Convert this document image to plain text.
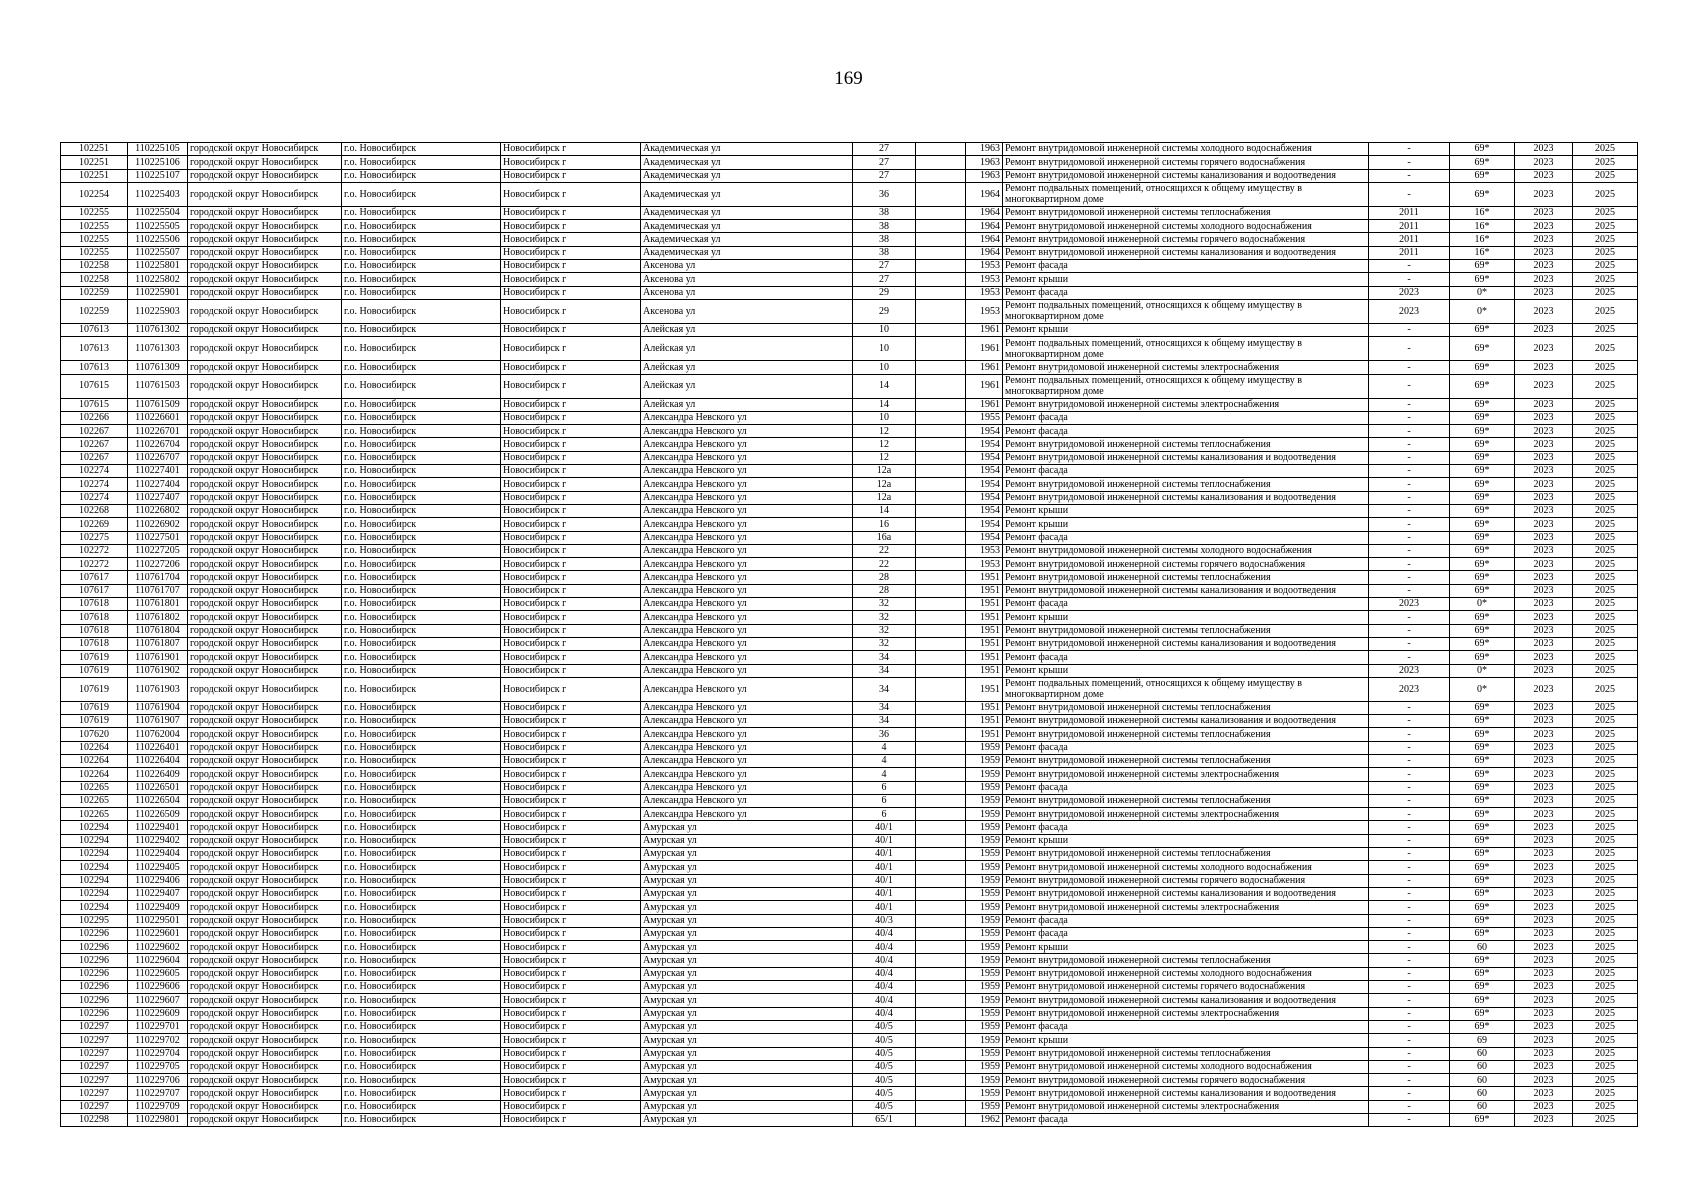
169
102251	110225105	городской округ Новосибирск	г.о. Новосибирск	Новосибирск г	Академическая ул	27		1963	Ремонт внутридомовой инженерной системы холодного водоснабжения	-	69*	2023	2025
102251	110225106	городской округ Новосибирск	г.о. Новосибирск	Новосибирск г	Академическая ул	27		1963	Ремонт внутридомовой инженерной системы горячего водоснабжения	-	69*	2023	2025
102251	110225107	городской округ Новосибирск	г.о. Новосибирск	Новосибирск г	Академическая ул	27		1963	Ремонт внутридомовой инженерной системы канализования и водоотведения	-	69*	2023	2025
102254	110225403	городской округ Новосибирск	г.о. Новосибирск	Новосибирск г	Академическая ул	36		1964	Ремонт подвальных помещений, относящихся к общему имуществу в многоквартирном доме	-	69*	2023	2025
102255	110225504	городской округ Новосибирск	г.о. Новосибирск	Новосибирск г	Академическая ул	38		1964	Ремонт внутридомовой инженерной системы теплоснабжения	2011	16*	2023	2025
102255	110225505	городской округ Новосибирск	г.о. Новосибирск	Новосибирск г	Академическая ул	38		1964	Ремонт внутридомовой инженерной системы холодного водоснабжения	2011	16*	2023	2025
102255	110225506	городской округ Новосибирск	г.о. Новосибирск	Новосибирск г	Академическая ул	38		1964	Ремонт внутридомовой инженерной системы горячего водоснабжения	2011	16*	2023	2025
102255	110225507	городской округ Новосибирск	г.о. Новосибирск	Новосибирск г	Академическая ул	38		1964	Ремонт внутридомовой инженерной системы канализования и водоотведения	2011	16*	2023	2025
102258	110225801	городской округ Новосибирск	г.о. Новосибирск	Новосибирск г	Аксенова ул	27		1953	Ремонт фасада	-	69*	2023	2025
102258	110225802	городской округ Новосибирск	г.о. Новосибирск	Новосибирск г	Аксенова ул	27		1953	Ремонт крыши	-	69*	2023	2025
102259	110225901	городской округ Новосибирск	г.о. Новосибирск	Новосибирск г	Аксенова ул	29		1953	Ремонт фасада	2023	0*	2023	2025
102259	110225903	городской округ Новосибирск	г.о. Новосибирск	Новосибирск г	Аксенова ул	29		1953	Ремонт подвальных помещений, относящихся к общему имуществу в многоквартирном доме	2023	0*	2023	2025
107613	110761302	городской округ Новосибирск	г.о. Новосибирск	Новосибирск г	Алейская ул	10		1961	Ремонт крыши	-	69*	2023	2025
107613	110761303	городской округ Новосибирск	г.о. Новосибирск	Новосибирск г	Алейская ул	10		1961	Ремонт подвальных помещений, относящихся к общему имуществу в многоквартирном доме	-	69*	2023	2025
107613	110761309	городской округ Новосибирск	г.о. Новосибирск	Новосибирск г	Алейская ул	10		1961	Ремонт внутридомовой инженерной системы электроснабжения	-	69*	2023	2025
107615	110761503	городской округ Новосибирск	г.о. Новосибирск	Новосибирск г	Алейская ул	14		1961	Ремонт подвальных помещений, относящихся к общему имуществу в многоквартирном доме	-	69*	2023	2025
107615	110761509	городской округ Новосибирск	г.о. Новосибирск	Новосибирск г	Алейская ул	14		1961	Ремонт внутридомовой инженерной системы электроснабжения	-	69*	2023	2025
102266	110226601	городской округ Новосибирск	г.о. Новосибирск	Новосибирск г	Александра Невского ул	10		1955	Ремонт фасада	-	69*	2023	2025
102267	110226701	городской округ Новосибирск	г.о. Новосибирск	Новосибирск г	Александра Невского ул	12		1954	Ремонт фасада	-	69*	2023	2025
102267	110226704	городской округ Новосибирск	г.о. Новосибирск	Новосибирск г	Александра Невского ул	12		1954	Ремонт внутридомовой инженерной системы теплоснабжения	-	69*	2023	2025
102267	110226707	городской округ Новосибирск	г.о. Новосибирск	Новосибирск г	Александра Невского ул	12		1954	Ремонт внутридомовой инженерной системы канализования и водоотведения	-	69*	2023	2025
102274	110227401	городской округ Новосибирск	г.о. Новосибирск	Новосибирск г	Александра Невского ул	12а		1954	Ремонт фасада	-	69*	2023	2025
102274	110227404	городской округ Новосибирск	г.о. Новосибирск	Новосибирск г	Александра Невского ул	12а		1954	Ремонт внутридомовой инженерной системы теплоснабжения	-	69*	2023	2025
102274	110227407	городской округ Новосибирск	г.о. Новосибирск	Новосибирск г	Александра Невского ул	12а		1954	Ремонт внутридомовой инженерной системы канализования и водоотведения	-	69*	2023	2025
102268	110226802	городской округ Новосибирск	г.о. Новосибирск	Новосибирск г	Александра Невского ул	14		1954	Ремонт крыши	-	69*	2023	2025
102269	110226902	городской округ Новосибирск	г.о. Новосибирск	Новосибирск г	Александра Невского ул	16		1954	Ремонт крыши	-	69*	2023	2025
102275	110227501	городской округ Новосибирск	г.о. Новосибирск	Новосибирск г	Александра Невского ул	16а		1954	Ремонт фасада	-	69*	2023	2025
102272	110227205	городской округ Новосибирск	г.о. Новосибирск	Новосибирск г	Александра Невского ул	22		1953	Ремонт внутридомовой инженерной системы холодного водоснабжения	-	69*	2023	2025
102272	110227206	городской округ Новосибирск	г.о. Новосибирск	Новосибирск г	Александра Невского ул	22		1953	Ремонт внутридомовой инженерной системы горячего водоснабжения	-	69*	2023	2025
107617	110761704	городской округ Новосибирск	г.о. Новосибирск	Новосибирск г	Александра Невского ул	28		1951	Ремонт внутридомовой инженерной системы теплоснабжения	-	69*	2023	2025
107617	110761707	городской округ Новосибирск	г.о. Новосибирск	Новосибирск г	Александра Невского ул	28		1951	Ремонт внутридомовой инженерной системы канализования и водоотведения	-	69*	2023	2025
107618	110761801	городской округ Новосибирск	г.о. Новосибирск	Новосибирск г	Александра Невского ул	32		1951	Ремонт фасада	2023	0*	2023	2025
107618	110761802	городской округ Новосибирск	г.о. Новосибирск	Новосибирск г	Александра Невского ул	32		1951	Ремонт крыши	-	69*	2023	2025
107618	110761804	городской округ Новосибирск	г.о. Новосибирск	Новосибирск г	Александра Невского ул	32		1951	Ремонт внутридомовой инженерной системы теплоснабжения	-	69*	2023	2025
107618	110761807	городской округ Новосибирск	г.о. Новосибирск	Новосибирск г	Александра Невского ул	32		1951	Ремонт внутридомовой инженерной системы канализования и водоотведения	-	69*	2023	2025
107619	110761901	городской округ Новосибирск	г.о. Новосибирск	Новосибирск г	Александра Невского ул	34		1951	Ремонт фасада	-	69*	2023	2025
107619	110761902	городской округ Новосибирск	г.о. Новосибирск	Новосибирск г	Александра Невского ул	34		1951	Ремонт крыши	2023	0*	2023	2025
107619	110761903	городской округ Новосибирск	г.о. Новосибирск	Новосибирск г	Александра Невского ул	34		1951	Ремонт подвальных помещений, относящихся к общему имуществу в многоквартирном доме	2023	0*	2023	2025
107619	110761904	городской округ Новосибирск	г.о. Новосибирск	Новосибирск г	Александра Невского ул	34		1951	Ремонт внутридомовой инженерной системы теплоснабжения	-	69*	2023	2025
107619	110761907	городской округ Новосибирск	г.о. Новосибирск	Новосибирск г	Александра Невского ул	34		1951	Ремонт внутридомовой инженерной системы канализования и водоотведения	-	69*	2023	2025
107620	110762004	городской округ Новосибирск	г.о. Новосибирск	Новосибирск г	Александра Невского ул	36		1951	Ремонт внутридомовой инженерной системы теплоснабжения	-	69*	2023	2025
102264	110226401	городской округ Новосибирск	г.о. Новосибирск	Новосибирск г	Александра Невского ул	4		1959	Ремонт фасада	-	69*	2023	2025
102264	110226404	городской округ Новосибирск	г.о. Новосибирск	Новосибирск г	Александра Невского ул	4		1959	Ремонт внутридомовой инженерной системы теплоснабжения	-	69*	2023	2025
102264	110226409	городской округ Новосибирск	г.о. Новосибирск	Новосибирск г	Александра Невского ул	4		1959	Ремонт внутридомовой инженерной системы электроснабжения	-	69*	2023	2025
102265	110226501	городской округ Новосибирск	г.о. Новосибирск	Новосибирск г	Александра Невского ул	6		1959	Ремонт фасада	-	69*	2023	2025
102265	110226504	городской округ Новосибирск	г.о. Новосибирск	Новосибирск г	Александра Невского ул	6		1959	Ремонт внутридомовой инженерной системы теплоснабжения	-	69*	2023	2025
102265	110226509	городской округ Новосибирск	г.о. Новосибирск	Новосибирск г	Александра Невского ул	6		1959	Ремонт внутридомовой инженерной системы электроснабжения	-	69*	2023	2025
102294	110229401	городской округ Новосибирск	г.о. Новосибирск	Новосибирск г	Амурская ул	40/1		1959	Ремонт фасада	-	69*	2023	2025
102294	110229402	городской округ Новосибирск	г.о. Новосибирск	Новосибирск г	Амурская ул	40/1		1959	Ремонт крыши	-	69*	2023	2025
102294	110229404	городской округ Новосибирск	г.о. Новосибирск	Новосибирск г	Амурская ул	40/1		1959	Ремонт внутридомовой инженерной системы теплоснабжения	-	69*	2023	2025
102294	110229405	городской округ Новосибирск	г.о. Новосибирск	Новосибирск г	Амурская ул	40/1		1959	Ремонт внутридомовой инженерной системы холодного водоснабжения	-	69*	2023	2025
102294	110229406	городской округ Новосибирск	г.о. Новосибирск	Новосибирск г	Амурская ул	40/1		1959	Ремонт внутридомовой инженерной системы горячего водоснабжения	-	69*	2023	2025
102294	110229407	городской округ Новосибирск	г.о. Новосибирск	Новосибирск г	Амурская ул	40/1		1959	Ремонт внутридомовой инженерной системы канализования и водоотведения	-	69*	2023	2025
102294	110229409	городской округ Новосибирск	г.о. Новосибирск	Новосибирск г	Амурская ул	40/1		1959	Ремонт внутридомовой инженерной системы электроснабжения	-	69*	2023	2025
102295	110229501	городской округ Новосибирск	г.о. Новосибирск	Новосибирск г	Амурская ул	40/3		1959	Ремонт фасада	-	69*	2023	2025
102296	110229601	городской округ Новосибирск	г.о. Новосибирск	Новосибирск г	Амурская ул	40/4		1959	Ремонт фасада	-	69*	2023	2025
102296	110229602	городской округ Новосибирск	г.о. Новосибирск	Новосибирск г	Амурская ул	40/4		1959	Ремонт крыши	-	60	2023	2025
102296	110229604	городской округ Новосибирск	г.о. Новосибирск	Новосибирск г	Амурская ул	40/4		1959	Ремонт внутридомовой инженерной системы теплоснабжения	-	69*	2023	2025
102296	110229605	городской округ Новосибирск	г.о. Новосибирск	Новосибирск г	Амурская ул	40/4		1959	Ремонт внутридомовой инженерной системы холодного водоснабжения	-	69*	2023	2025
102296	110229606	городской округ Новосибирск	г.о. Новосибирск	Новосибирск г	Амурская ул	40/4		1959	Ремонт внутридомовой инженерной системы горячего водоснабжения	-	69*	2023	2025
102296	110229607	городской округ Новосибирск	г.о. Новосибирск	Новосибирск г	Амурская ул	40/4		1959	Ремонт внутридомовой инженерной системы канализования и водоотведения	-	69*	2023	2025
102296	110229609	городской округ Новосибирск	г.о. Новосибирск	Новосибирск г	Амурская ул	40/4		1959	Ремонт внутридомовой инженерной системы электроснабжения	-	69*	2023	2025
102297	110229701	городской округ Новосибирск	г.о. Новосибирск	Новосибирск г	Амурская ул	40/5		1959	Ремонт фасада	-	69*	2023	2025
102297	110229702	городской округ Новосибирск	г.о. Новосибирск	Новосибирск г	Амурская ул	40/5		1959	Ремонт крыши	-	69	2023	2025
102297	110229704	городской округ Новосибирск	г.о. Новосибирск	Новосибирск г	Амурская ул	40/5		1959	Ремонт внутридомовой инженерной системы теплоснабжения	-	60	2023	2025
102297	110229705	городской округ Новосибирск	г.о. Новосибирск	Новосибирск г	Амурская ул	40/5		1959	Ремонт внутридомовой инженерной системы холодного водоснабжения	-	60	2023	2025
102297	110229706	городской округ Новосибирск	г.о. Новосибирск	Новосибирск г	Амурская ул	40/5		1959	Ремонт внутридомовой инженерной системы горячего водоснабжения	-	60	2023	2025
102297	110229707	городской округ Новосибирск	г.о. Новосибирск	Новосибирск г	Амурская ул	40/5		1959	Ремонт внутридомовой инженерной системы канализования и водоотведения	-	60	2023	2025
102297	110229709	городской округ Новосибирск	г.о. Новосибирск	Новосибирск г	Амурская ул	40/5		1959	Ремонт внутридомовой инженерной системы электроснабжения	-	60	2023	2025
102298	110229801	городской округ Новосибирск	г.о. Новосибирск	Новосибирск г	Амурская ул	65/1		1962	Ремонт фасада	-	69*	2023	2025
